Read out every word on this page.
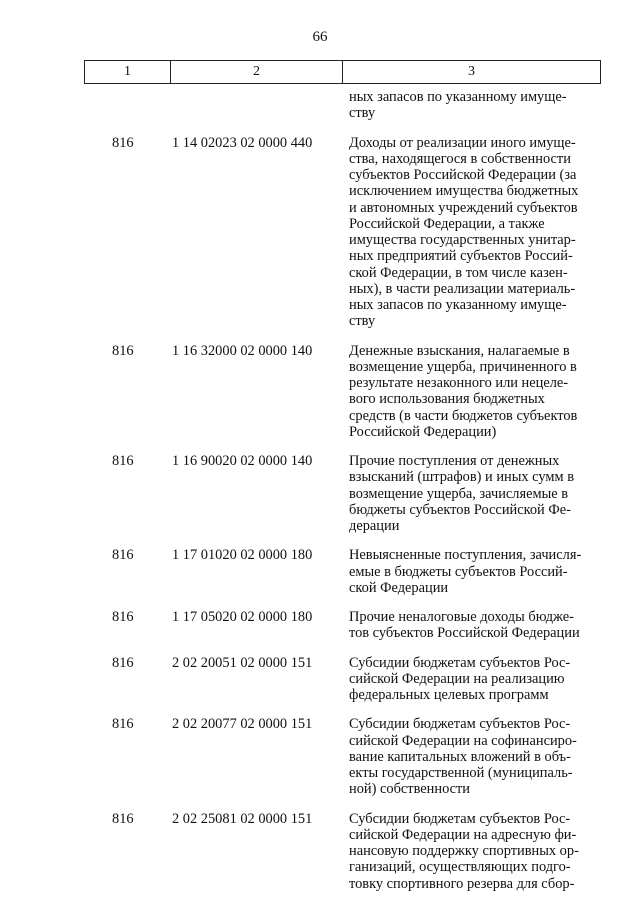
66
1	2	3
ных запасов по указанному имуще-
ству
816	1 14 02023 02 0000 440	Доходы от реализации иного имуще-
ства, находящегося в собственности
субъектов Российской Федерации (за
исключением имущества бюджетных
и автономных учреждений субъектов
Российской Федерации, а также
имущества государственных унитар-
ных предприятий субъектов Россий-
ской Федерации, в том числе казен-
ных), в части реализации материаль-
ных запасов по указанному имуще-
ству
816	1 16 32000 02 0000 140	Денежные взыскания, налагаемые в
возмещение ущерба, причиненного в
результате незаконного или нецеле-
вого использования бюджетных
средств (в части бюджетов субъектов
Российской Федерации)
816	1 16 90020 02 0000 140	Прочие поступления от денежных
взысканий (штрафов) и иных сумм в
возмещение ущерба, зачисляемые в
бюджеты субъектов Российской Фе-
дерации
816	1 17 01020 02 0000 180	Невыясненные поступления, зачисля-
емые в бюджеты субъектов Россий-
ской Федерации
816	1 17 05020 02 0000 180	Прочие неналоговые доходы бюдже-
тов субъектов Российской Федерации
816	2 02 20051 02 0000 151	Субсидии бюджетам субъектов Рос-
сийской Федерации на реализацию
федеральных целевых программ
816	2 02 20077 02 0000 151	Субсидии бюджетам субъектов Рос-
сийской Федерации на софинансиро-
вание капитальных вложений в объ-
екты государственной (муниципаль-
ной) собственности
816	2 02 25081 02 0000 151	Субсидии бюджетам субъектов Рос-
сийской Федерации на адресную фи-
нансовую поддержку спортивных ор-
ганизаций, осуществляющих подго-
товку спортивного резерва для сбор-
